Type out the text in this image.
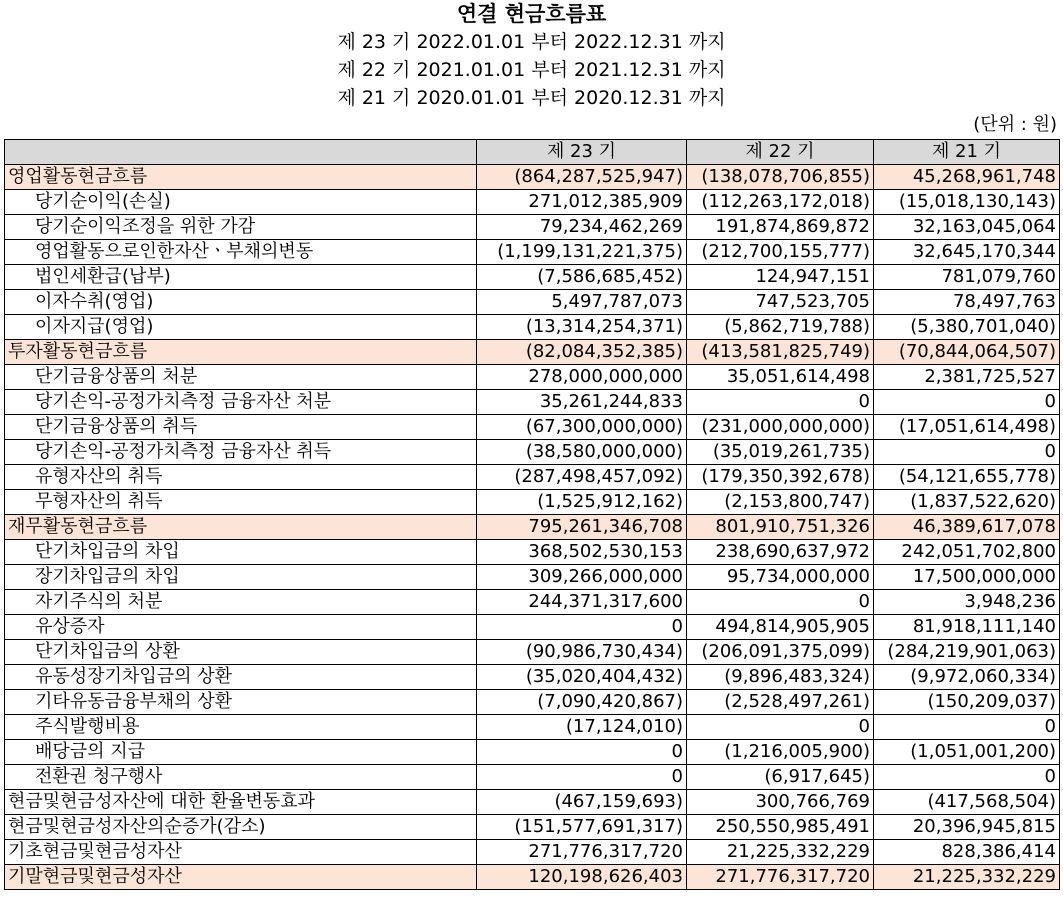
연결 현금흐름표
제 23 기 2022.01.01 부터 2022.12.31 까지
제 22 기 2021.01.01 부터 2021.12.31 까지
제 21 기 2020.01.01 부터 2020.12.31 까지
(단위 : 원)
	제 23 기	제 22 기	제 21 기
영업활동현금흐름	(864,287,525,947)	(138,078,706,855)	45,268,961,748
당기순이익(손실)	271,012,385,909	(112,263,172,018)	(15,018,130,143)
당기순이익조정을 위한 가감	79,234,462,269	191,874,869,872	32,163,045,064
영업활동으로인한자산ㆍ부채의변동	(1,199,131,221,375)	(212,700,155,777)	32,645,170,344
법인세환급(납부)	(7,586,685,452)	124,947,151	781,079,760
이자수취(영업)	5,497,787,073	747,523,705	78,497,763
이자지급(영업)	(13,314,254,371)	(5,862,719,788)	(5,380,701,040)
투자활동현금흐름	(82,084,352,385)	(413,581,825,749)	(70,844,064,507)
단기금융상품의 처분	278,000,000,000	35,051,614,498	2,381,725,527
당기손익-공정가치측정 금융자산 처분	35,261,244,833	0	0
단기금융상품의 취득	(67,300,000,000)	(231,000,000,000)	(17,051,614,498)
당기손익-공정가치측정 금융자산 취득	(38,580,000,000)	(35,019,261,735)	0
유형자산의 취득	(287,498,457,092)	(179,350,392,678)	(54,121,655,778)
무형자산의 취득	(1,525,912,162)	(2,153,800,747)	(1,837,522,620)
재무활동현금흐름	795,261,346,708	801,910,751,326	46,389,617,078
단기차입금의 차입	368,502,530,153	238,690,637,972	242,051,702,800
장기차입금의 차입	309,266,000,000	95,734,000,000	17,500,000,000
자기주식의 처분	244,371,317,600	0	3,948,236
유상증자	0	494,814,905,905	81,918,111,140
단기차입금의 상환	(90,986,730,434)	(206,091,375,099)	(284,219,901,063)
유동성장기차입금의 상환	(35,020,404,432)	(9,896,483,324)	(9,972,060,334)
기타유동금융부채의 상환	(7,090,420,867)	(2,528,497,261)	(150,209,037)
주식발행비용	(17,124,010)	0	0
배당금의 지급	0	(1,216,005,900)	(1,051,001,200)
전환권 청구행사	0	(6,917,645)	0
현금및현금성자산에 대한 환율변동효과	(467,159,693)	300,766,769	(417,568,504)
현금및현금성자산의순증가(감소)	(151,577,691,317)	250,550,985,491	20,396,945,815
기초현금및현금성자산	271,776,317,720	21,225,332,229	828,386,414
기말현금및현금성자산	120,198,626,403	271,776,317,720	21,225,332,229
